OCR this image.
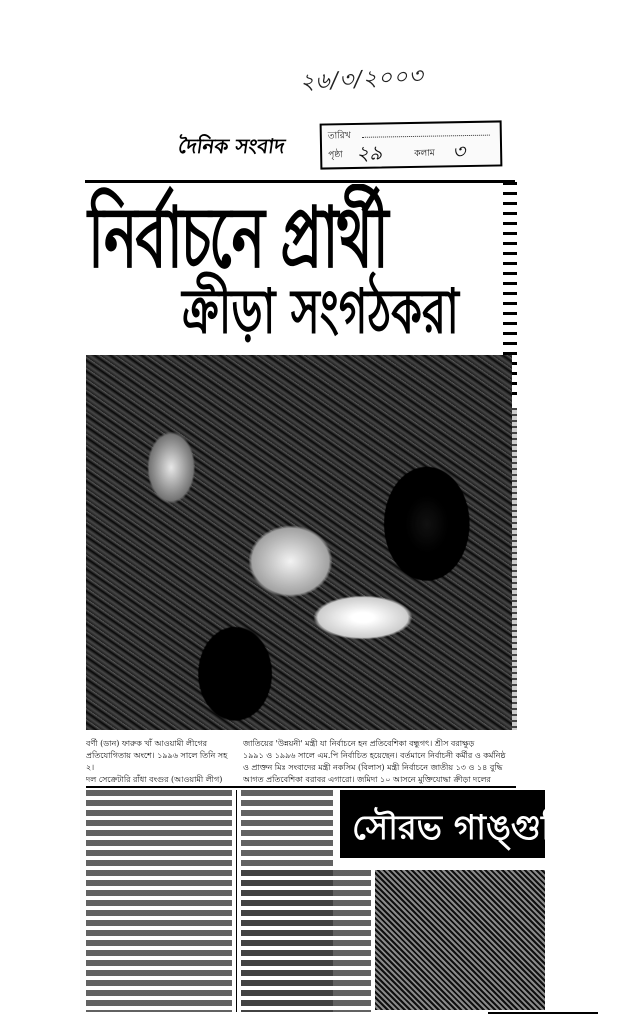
২৬/৩/২০০৩
দৈনিক সংবাদ	তারিখ
পৃষ্ঠা ২৯	কলাম ৩
নির্বাচনে প্রার্থী
ক্রীড়া সংগঠকরা
বর্ণী (ডান) ফারুক খাঁ আওয়ামী লীগের
প্রতিযোগিতায় অংশে। ১৯৯৬ সালে তিনি সহ
২।
দল সেক্রেটারি রাঁধা বংগুর (আওয়ামী লীগ)
জাতিয়ের 'উন্নয়নী' মন্ত্রী যা নির্বাচনে হন প্রতিবেশিকা বন্ধুগৎ। শ্রীস বরাক্ষুড়
১৯৯১ ও ১৯৯৬ সালে এম.পি নির্বাচিত হয়েছেন। বর্তমানে নির্বাচনী কর্মীর ও কর্মনিষ্ঠ
ও প্রাক্তন মিঃ সংবাদের মন্ত্রী নকসিম (বিলাস) মন্ত্রী নির্বাচনে জাতীয় ১৩ ও ১৪ বুদ্ধি
আগত প্রতিবেশিকা বরাবর এগারো। জমিদা ১০ আসনে মুক্তিযোদ্ধা ক্রীড়া দলের
সৌরভ গাঙ্গুলি
